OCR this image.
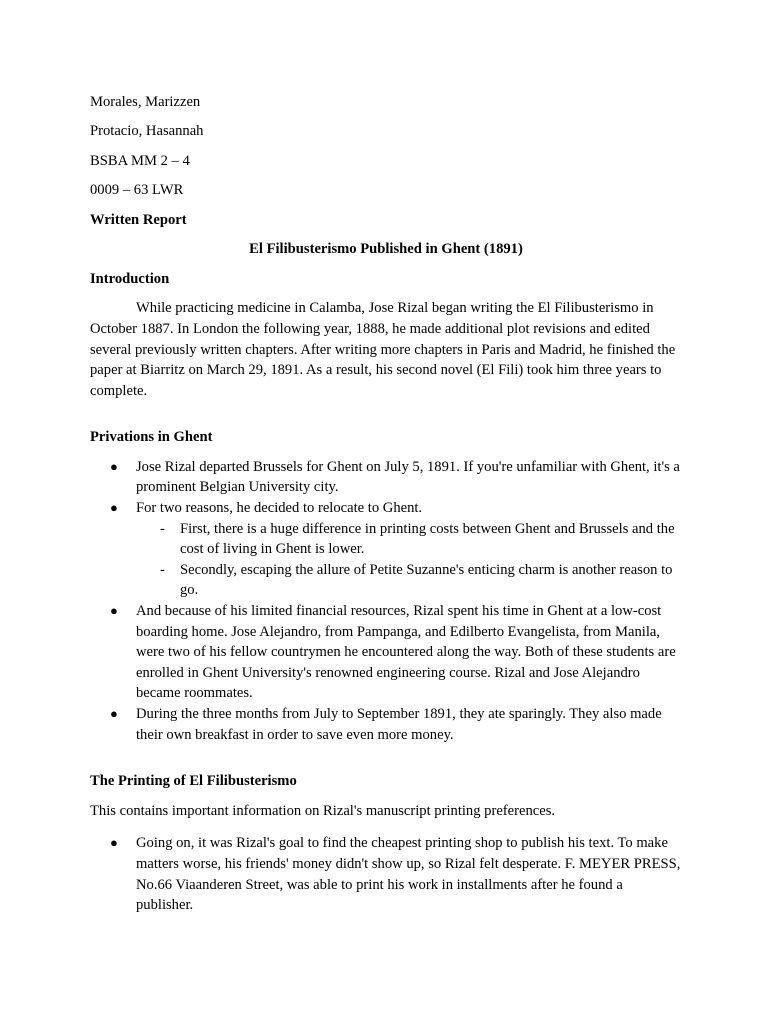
Morales, Marizzen
Protacio, Hasannah
BSBA MM 2 – 4
0009 – 63 LWR
Written Report
El Filibusterismo Published in Ghent (1891)
Introduction

While practicing medicine in Calamba, Jose Rizal began writing the El Filibusterismo in October 1887. In London the following year, 1888, he made additional plot revisions and edited several previously written chapters. After writing more chapters in Paris and Madrid, he finished the paper at Biarritz on March 29, 1891. As a result, his second novel (El Fili) took him three years to complete.

Privations in Ghent
● Jose Rizal departed Brussels for Ghent on July 5, 1891. If you're unfamiliar with Ghent, it's a prominent Belgian University city.
● For two reasons, he decided to relocate to Ghent.
- First, there is a huge difference in printing costs between Ghent and Brussels and the cost of living in Ghent is lower.
- Secondly, escaping the allure of Petite Suzanne's enticing charm is another reason to go.
● And because of his limited financial resources, Rizal spent his time in Ghent at a low-cost boarding home. Jose Alejandro, from Pampanga, and Edilberto Evangelista, from Manila, were two of his fellow countrymen he encountered along the way. Both of these students are enrolled in Ghent University's renowned engineering course. Rizal and Jose Alejandro became roommates.
● During the three months from July to September 1891, they ate sparingly. They also made their own breakfast in order to save even more money.
The Printing of El Filibusterismo
This contains important information on Rizal's manuscript printing preferences.
● Going on, it was Rizal's goal to find the cheapest printing shop to publish his text. To make matters worse, his friends' money didn't show up, so Rizal felt desperate. F. MEYER PRESS, No.66 Viaanderen Street, was able to print his work in installments after he found a publisher.
